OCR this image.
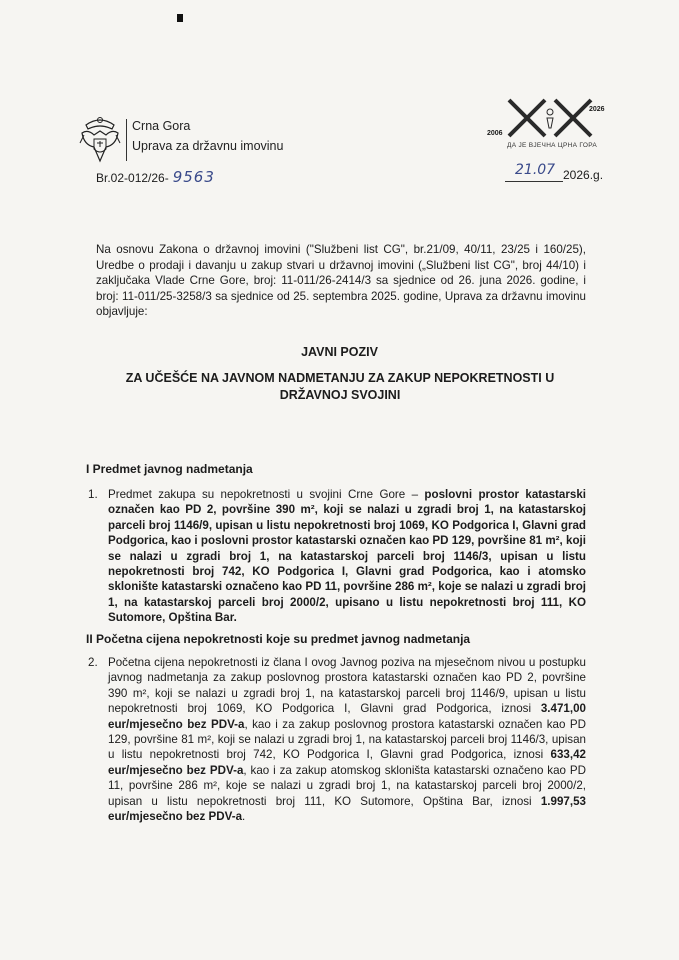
Crna Gora
Uprava za državnu imovinu
2006
2026
ДА ЈЕ ВЈЕЧНА ЦРНА ГОРА
Br.02-012/26- 9563	21.07 2026.g.
Na osnovu Zakona o državnoj imovini ("Službeni list CG", br.21/09, 40/11, 23/25 i 160/25), Uredbe o prodaji i davanju u zakup stvari u državnoj imovini („Službeni list CG", broj 44/10) i zaključaka Vlade Crne Gore, broj: 11-011/26-2414/3 sa sjednice od 26. juna 2026. godine, i broj: 11-011/25-3258/3 sa sjednice od 25. septembra 2025. godine, Uprava za državnu imovinu objavljuje:
JAVNI POZIV
ZA UČEŠĆE NA JAVNOM NADMETANJU ZA ZAKUP NEPOKRETNOSTI U DRŽAVNOJ SVOJINI
I Predmet javnog nadmetanja
1. Predmet zakupa su nepokretnosti u svojini Crne Gore – poslovni prostor katastarski označen kao PD 2, površine 390 m², koji se nalazi u zgradi broj 1, na katastarskoj parceli broj 1146/9, upisan u listu nepokretnosti broj 1069, KO Podgorica I, Glavni grad Podgorica, kao i poslovni prostor katastarski označen kao PD 129, površine 81 m², koji se nalazi u zgradi broj 1, na katastarskoj parceli broj 1146/3, upisan u listu nepokretnosti broj 742, KO Podgorica I, Glavni grad Podgorica, kao i atomsko sklonište katastarski označeno kao PD 11, površine 286 m², koje se nalazi u zgradi broj 1, na katastarskoj parceli broj 2000/2, upisano u listu nepokretnosti broj 111, KO Sutomore, Opština Bar.

II Početna cijena nepokretnosti koje su predmet javnog nadmetanja
2. Početna cijena nepokretnosti iz člana I ovog Javnog poziva na mjesečnom nivou u postupku javnog nadmetanja za zakup poslovnog prostora katastarski označen kao PD 2, površine 390 m², koji se nalazi u zgradi broj 1, na katastarskoj parceli broj 1146/9, upisan u listu nepokretnosti broj 1069, KO Podgorica I, Glavni grad Podgorica, iznosi 3.471,00 eur/mjesečno bez PDV-a, kao i za zakup poslovnog prostora katastarski označen kao PD 129, površine 81 m², koji se nalazi u zgradi broj 1, na katastarskoj parceli broj 1146/3, upisan u listu nepokretnosti broj 742, KO Podgorica I, Glavni grad Podgorica, iznosi 633,42 eur/mjesečno bez PDV-a, kao i za zakup atomskog skloništa katastarski označeno kao PD 11, površine 286 m², koje se nalazi u zgradi broj 1, na katastarskoj parceli broj 2000/2, upisan u listu nepokretnosti broj 111, KO Sutomore, Opština Bar, iznosi 1.997,53 eur/mjesečno bez PDV-a.
